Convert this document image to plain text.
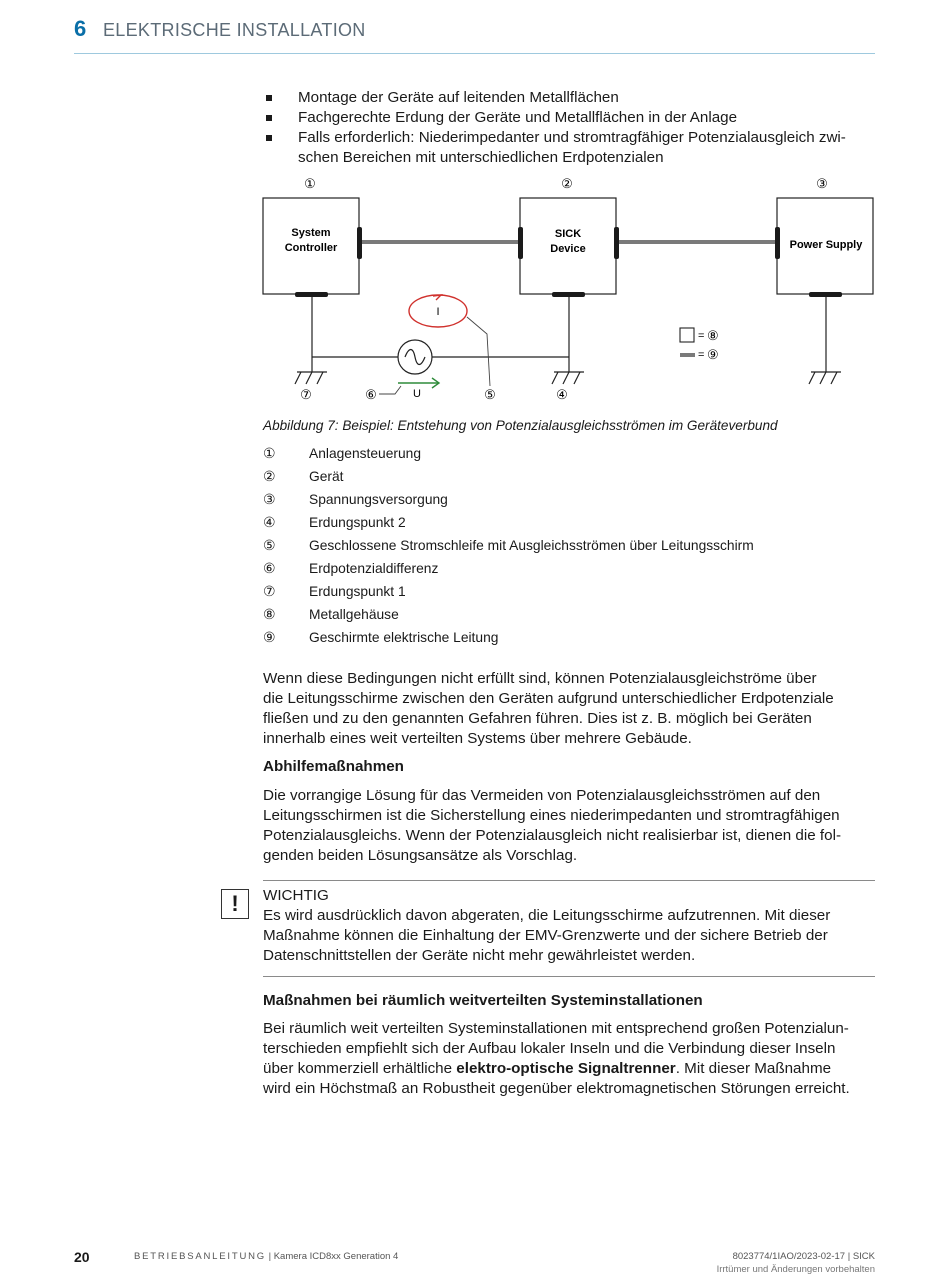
6 ELEKTRISCHE INSTALLATION
Montage der Geräte auf leitenden Metallflächen
Fachgerechte Erdung der Geräte und Metallflächen in der Anlage
Falls erforderlich: Niederimpedanter und stromtragfähiger Potenzialausgleich zwi-
schen Bereichen mit unterschiedlichen Erdpotenzialen
①	②	③
System
Controller
SICK
Device	Power Supply
I
U
⑦	⑥	⑤	④
= ⑧
= ⑨
Abbildung 7: Beispiel: Entstehung von Potenzialausgleichsströmen im Geräteverbund
①	Anlagensteuerung
②	Gerät
③	Spannungsversorgung
④	Erdungspunkt 2
⑤	Geschlossene Stromschleife mit Ausgleichsströmen über Leitungsschirm
⑥	Erdpotenzialdifferenz
⑦	Erdungspunkt 1
⑧	Metallgehäuse
⑨	Geschirmte elektrische Leitung
Wenn diese Bedingungen nicht erfüllt sind, können Potenzialausgleichströme über
die Leitungsschirme zwischen den Geräten aufgrund unterschiedlicher Erdpotenziale
fließen und zu den genannten Gefahren führen. Dies ist z. B. möglich bei Geräten
innerhalb eines weit verteilten Systems über mehrere Gebäude.
Abhilfemaßnahmen
Die vorrangige Lösung für das Vermeiden von Potenzialausgleichsströmen auf den
Leitungsschirmen ist die Sicherstellung eines niederimpedanten und stromtragfähigen
Potenzialausgleichs. Wenn der Potenzialausgleich nicht realisierbar ist, dienen die fol-
genden beiden Lösungsansätze als Vorschlag.
!	WICHTIG
Es wird ausdrücklich davon abgeraten, die Leitungsschirme aufzutrennen. Mit dieser
Maßnahme können die Einhaltung der EMV-Grenzwerte und der sichere Betrieb der
Datenschnittstellen der Geräte nicht mehr gewährleistet werden.
Maßnahmen bei räumlich weitverteilten Systeminstallationen
Bei räumlich weit verteilten Systeminstallationen mit entsprechend großen Potenzialun-
terschieden empfiehlt sich der Aufbau lokaler Inseln und die Verbindung dieser Inseln
über kommerziell erhältliche elektro-optische Signaltrenner. Mit dieser Maßnahme
wird ein Höchstmaß an Robustheit gegenüber elektromagnetischen Störungen erreicht.
20	BETRIEBSANLEITUNG | Kamera ICD8xx Generation 4	8023774/1IAO/2023-02-17 | SICK
Irrtümer und Änderungen vorbehalten
